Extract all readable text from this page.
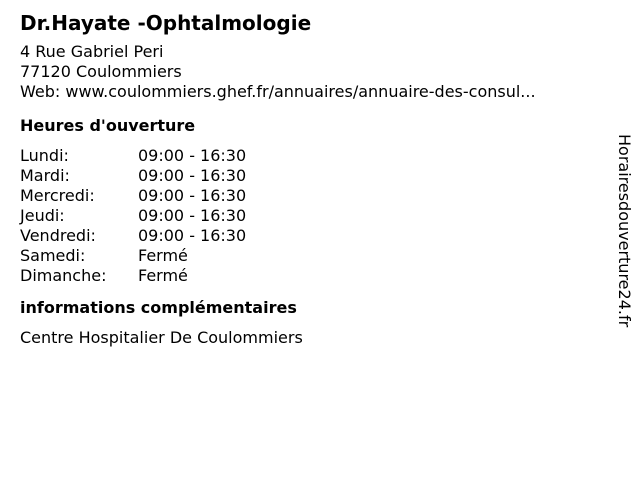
Dr.Hayate -Ophtalmologie
4 Rue Gabriel Peri
77120 Coulommiers
Web: www.coulommiers.ghef.fr/annuaires/annuaire-des-consul...
Heures d'ouverture
Lundi:	09:00 - 16:30
Mardi:	09:00 - 16:30
Mercredi:	09:00 - 16:30
Jeudi:	09:00 - 16:30
Vendredi:	09:00 - 16:30
Samedi:	Fermé
Dimanche:	Fermé
informations complémentaires
Centre Hospitalier De Coulommiers
Horairesdouverture24.fr
